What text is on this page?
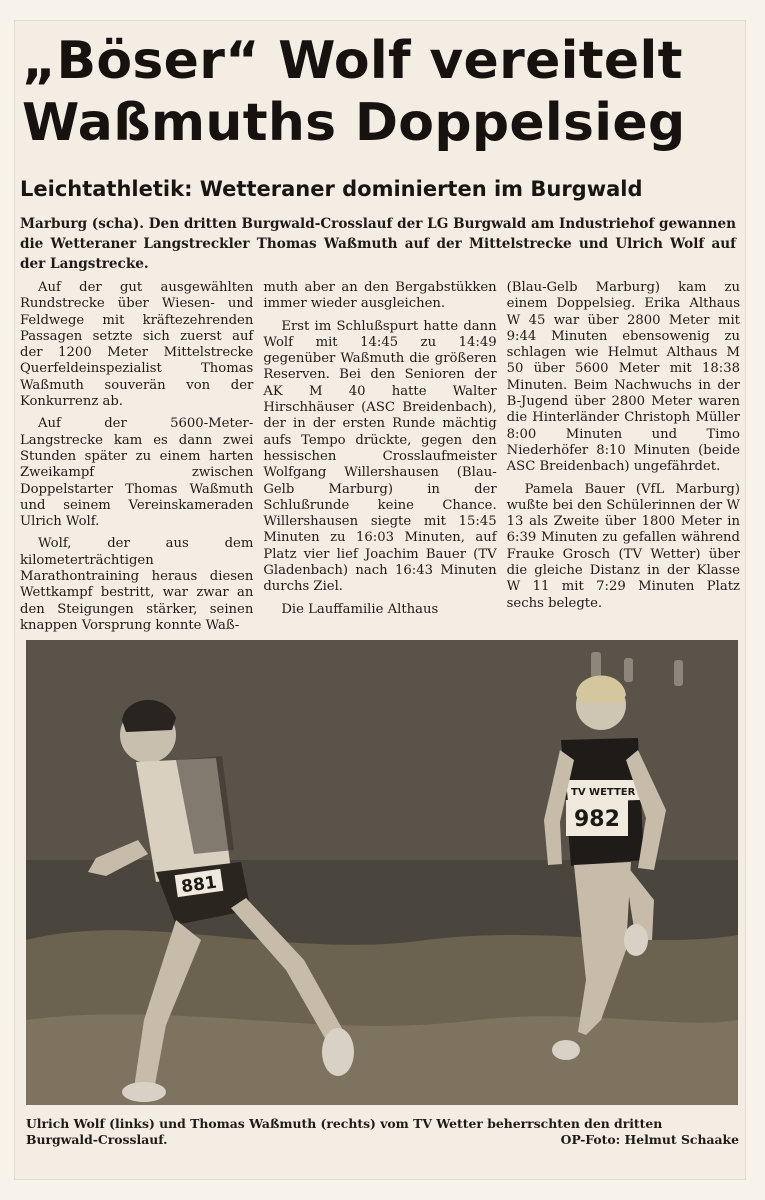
„Böser“ Wolf vereitelt
Waßmuths Doppelsieg
Leichtathletik: Wetteraner dominierten im Burgwald

Marburg (scha). Den dritten Burgwald-Crosslauf der LG Burgwald am Industriehof gewannen die Wetteraner Langstreckler Thomas Waßmuth auf der Mittelstrecke und Ulrich Wolf auf der Langstrecke.

Auf der gut ausgewählten Rundstrecke über Wiesen- und Feldwege mit kräftezehrenden Passagen setzte sich zuerst auf der 1200 Meter Mittelstrecke Querfeldeinspezialist Thomas Waßmuth souverän von der Konkurrenz ab.

Auf der 5600-Meter-Langstrecke kam es dann zwei Stunden später zu einem harten Zweikampf zwischen Doppelstarter Thomas Waßmuth und seinem Vereinskameraden Ulrich Wolf.

Wolf, der aus dem kilometerträchtigen Marathontraining heraus diesen Wettkampf bestritt, war zwar an den Steigungen stärker, seinen knappen Vorsprung konnte Waß-

muth aber an den Bergabstükken immer wieder ausgleichen.

Erst im Schlußspurt hatte dann Wolf mit 14:45 zu 14:49 gegenüber Waßmuth die größeren Reserven. Bei den Senioren der AK M 40 hatte Walter Hirschhäuser (ASC Breidenbach), der in der ersten Runde mächtig aufs Tempo drückte, gegen den hessischen Crosslaufmeister Wolfgang Willershausen (Blau-Gelb Marburg) in der Schlußrunde keine Chance. Willershausen siegte mit 15:45 Minuten zu 16:03 Minuten, auf Platz vier lief Joachim Bauer (TV Gladenbach) nach 16:43 Minuten durchs Ziel.

Die Lauffamilie Althaus

(Blau-Gelb Marburg) kam zu einem Doppelsieg. Erika Althaus W 45 war über 2800 Meter mit 9:44 Minuten ebensowenig zu schlagen wie Helmut Althaus M 50 über 5600 Meter mit 18:38 Minuten. Beim Nachwuchs in der B-Jugend über 2800 Meter waren die Hinterländer Christoph Müller 8:00 Minuten und Timo Niederhöfer 8:10 Minuten (beide ASC Breidenbach) ungefährdet.

Pamela Bauer (VfL Marburg) wußte bei den Schülerinnen der W 13 als Zweite über 1800 Meter in 6:39 Minuten zu gefallen während Frauke Grosch (TV Wetter) über die gleiche Distanz in der Klasse W 11 mit 7:29 Minuten Platz sechs belegte.

881
982
TV WETTER

Ulrich Wolf (links) und Thomas Waßmuth (rechts) vom TV Wetter beherrschten den dritten Burgwald-Crosslauf.	OP-Foto: Helmut Schaake
